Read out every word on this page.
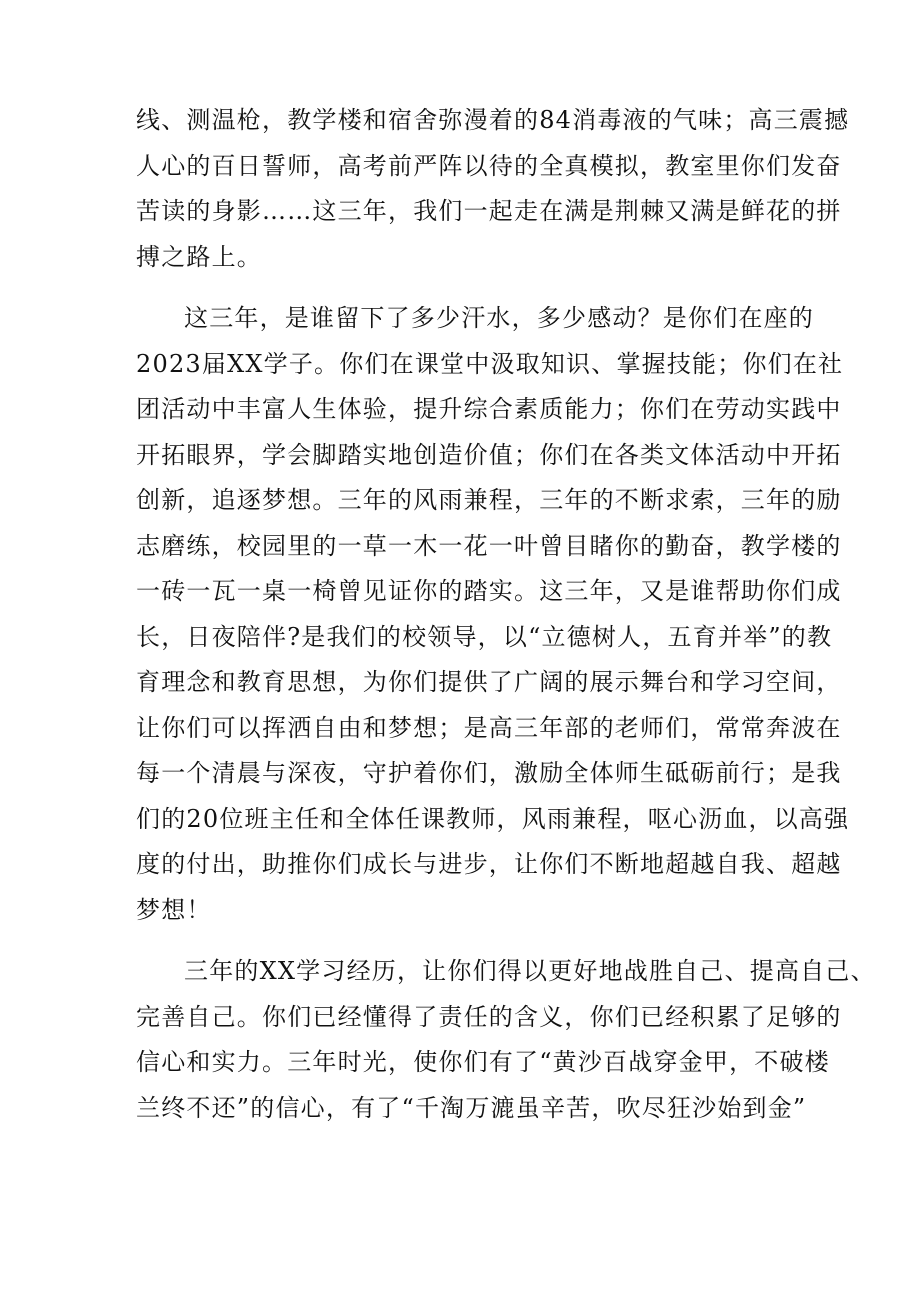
线、测温枪，教学楼和宿舍弥漫着的84消毒液的气味；高三震撼
人心的百日誓师，高考前严阵以待的全真模拟，教室里你们发奋
苦读的身影……这三年，我们一起走在满是荆棘又满是鲜花的拼
搏之路上。
这三年，是谁留下了多少汗水，多少感动？是你们在座的
2023届XX学子。你们在课堂中汲取知识、掌握技能；你们在社
团活动中丰富人生体验，提升综合素质能力；你们在劳动实践中
开拓眼界，学会脚踏实地创造价值；你们在各类文体活动中开拓
创新，追逐梦想。三年的风雨兼程，三年的不断求索，三年的励
志磨练，校园里的一草一木一花一叶曾目睹你的勤奋，教学楼的
一砖一瓦一桌一椅曾见证你的踏实。这三年，又是谁帮助你们成
长，日夜陪伴?是我们的校领导，以“立德树人，五育并举”的教
育理念和教育思想，为你们提供了广阔的展示舞台和学习空间，
让你们可以挥洒自由和梦想；是高三年部的老师们，常常奔波在
每一个清晨与深夜，守护着你们，激励全体师生砥砺前行；是我
们的20位班主任和全体任课教师，风雨兼程，呕心沥血，以高强
度的付出，助推你们成长与进步，让你们不断地超越自我、超越
梦想！
三年的XX学习经历，让你们得以更好地战胜自己、提高自己、
完善自己。你们已经懂得了责任的含义，你们已经积累了足够的
信心和实力。三年时光，使你们有了“黄沙百战穿金甲，不破楼
兰终不还”的信心，有了“千淘万漉虽辛苦，吹尽狂沙始到金”
